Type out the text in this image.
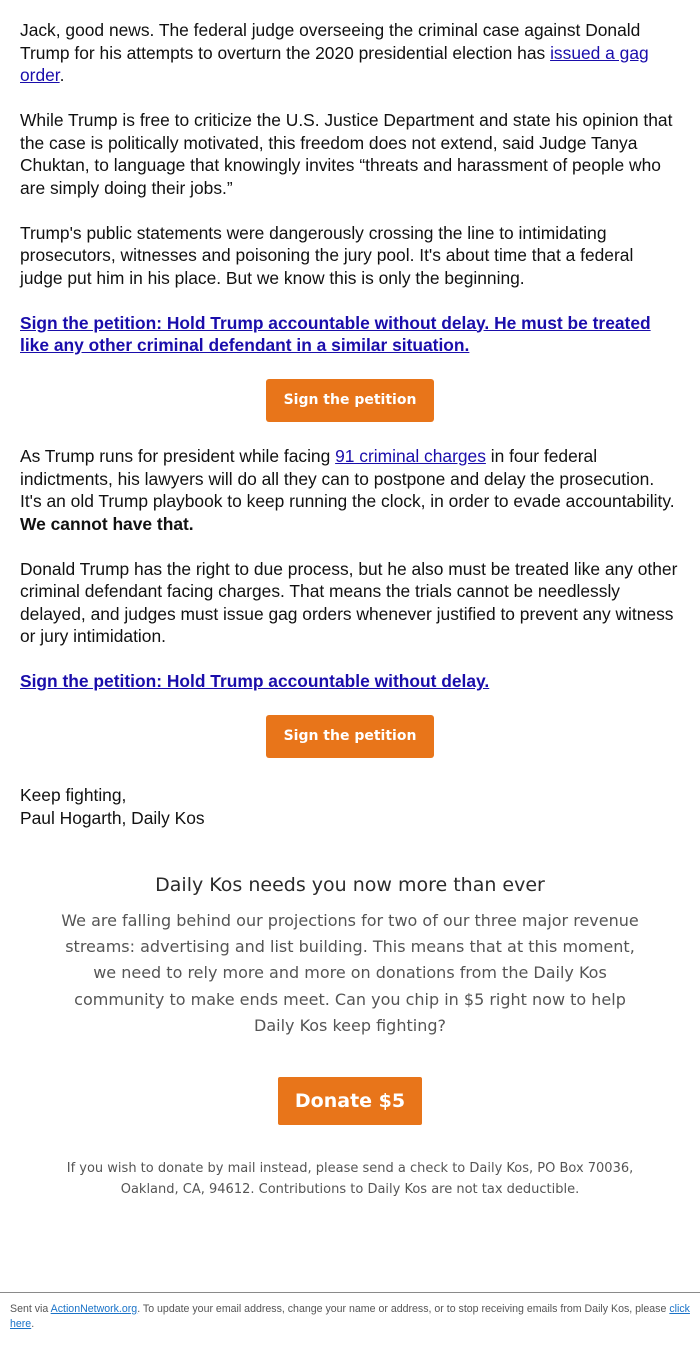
Jack, good news. The federal judge overseeing the criminal case against Donald Trump for his attempts to overturn the 2020 presidential election has issued a gag order.

While Trump is free to criticize the U.S. Justice Department and state his opinion that the case is politically motivated, this freedom does not extend, said Judge Tanya Chuktan, to language that knowingly invites “threats and harassment of people who are simply doing their jobs.”

Trump's public statements were dangerously crossing the line to intimidating prosecutors, witnesses and poisoning the jury pool. It's about time that a federal judge put him in his place. But we know this is only the beginning.

Sign the petition: Hold Trump accountable without delay. He must be treated like any other criminal defendant in a similar situation.

Sign the petition

As Trump runs for president while facing 91 criminal charges in four federal indictments, his lawyers will do all they can to postpone and delay the prosecution. It's an old Trump playbook to keep running the clock, in order to evade accountability. We cannot have that.

Donald Trump has the right to due process, but he also must be treated like any other criminal defendant facing charges. That means the trials cannot be needlessly delayed, and judges must issue gag orders whenever justified to prevent any witness or jury intimidation.

Sign the petition: Hold Trump accountable without delay.

Sign the petition

Keep fighting,

Paul Hogarth, Daily Kos

Daily Kos needs you now more than ever

We are falling behind our projections for two of our three major revenue streams: advertising and list building. This means that at this moment, we need to rely more and more on donations from the Daily Kos community to make ends meet. Can you chip in $5 right now to help Daily Kos keep fighting?

Donate $5

If you wish to donate by mail instead, please send a check to Daily Kos, PO Box 70036, Oakland, CA, 94612. Contributions to Daily Kos are not tax deductible.

Sent via ActionNetwork.org. To update your email address, change your name or address, or to stop receiving emails from Daily Kos, please click here.
